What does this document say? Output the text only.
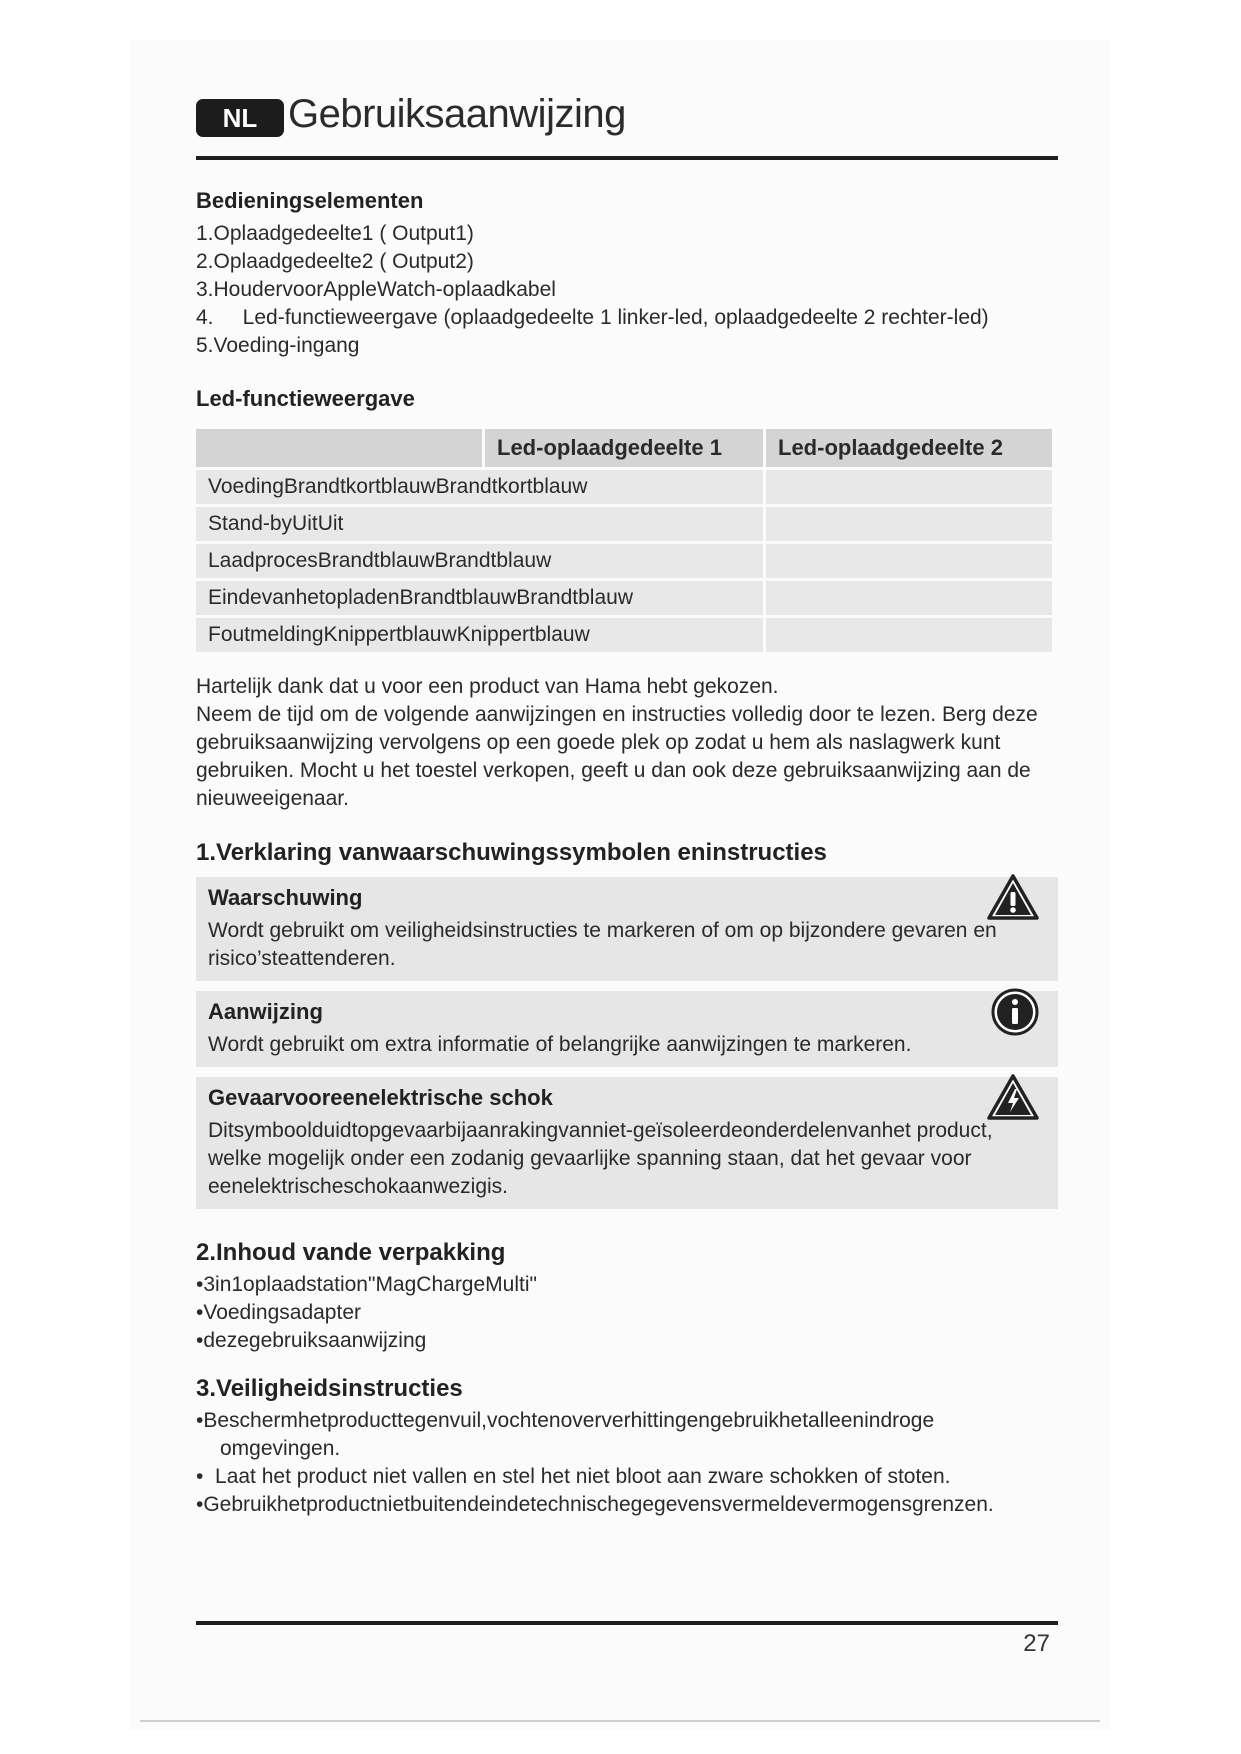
NL Gebruiksaanwijzing
Bedieningselementen
1.Oplaadgedeelte1 ( Output1)
2.Oplaadgedeelte2 ( Output2)
3.HoudervoorAppleWatch-oplaadkabel
4.     Led-functieweergave (oplaadgedeelte 1 linker-led, oplaadgedeelte 2 rechter-led)
5.Voeding-ingang
Led-functieweergave
	Led-oplaadgedeelte 1	Led-oplaadgedeelte 2
VoedingBrandtkortblauwBrandtkortblauw		
Stand-byUitUit		
LaadprocesBrandtblauwBrandtblauw		
EindevanhetopladenBrandtblauwBrandtblauw		
FoutmeldingKnippertblauwKnippertblauw		
Hartelijk dank dat u voor een product van Hama hebt gekozen.
Neem de tijd om de volgende aanwijzingen en instructies volledig door te lezen. Berg deze gebruiksaanwijzing vervolgens op een goede plek op zodat u hem als naslagwerk kunt gebruiken. Mocht u het toestel verkopen, geeft u dan ook deze gebruiksaanwijzing aan de nieuweeigenaar.
1.Verklaring vanwaarschuwingssymbolen eninstructies
Waarschuwing

Wordt gebruikt om veiligheidsinstructies te markeren of om op bijzondere gevaren en risico’steattenderen.

Aanwijzing

Wordt gebruikt om extra informatie of belangrijke aanwijzingen te markeren.

Gevaarvooreenelektrische schok

Ditsymboolduidtopgevaarbijaanrakingvanniet-geïsoleerdeonderdelenvanhet product, welke mogelijk onder een zodanig gevaarlijke spanning staan, dat het gevaar voor eenelektrischeschokaanwezigis.

2.Inhoud vande verpakking
•3in1oplaadstation"MagChargeMulti"
•Voedingsadapter
•dezegebruiksaanwijzing
3.Veiligheidsinstructies
•Beschermhetproducttegenvuil,vochtenoververhittingengebruikhetalleenindroge
omgevingen.
•  Laat het product niet vallen en stel het niet bloot aan zware schokken of stoten.
•Gebruikhetproductnietbuitendeindetechnischegegevensvermeldevermogensgrenzen.
27
